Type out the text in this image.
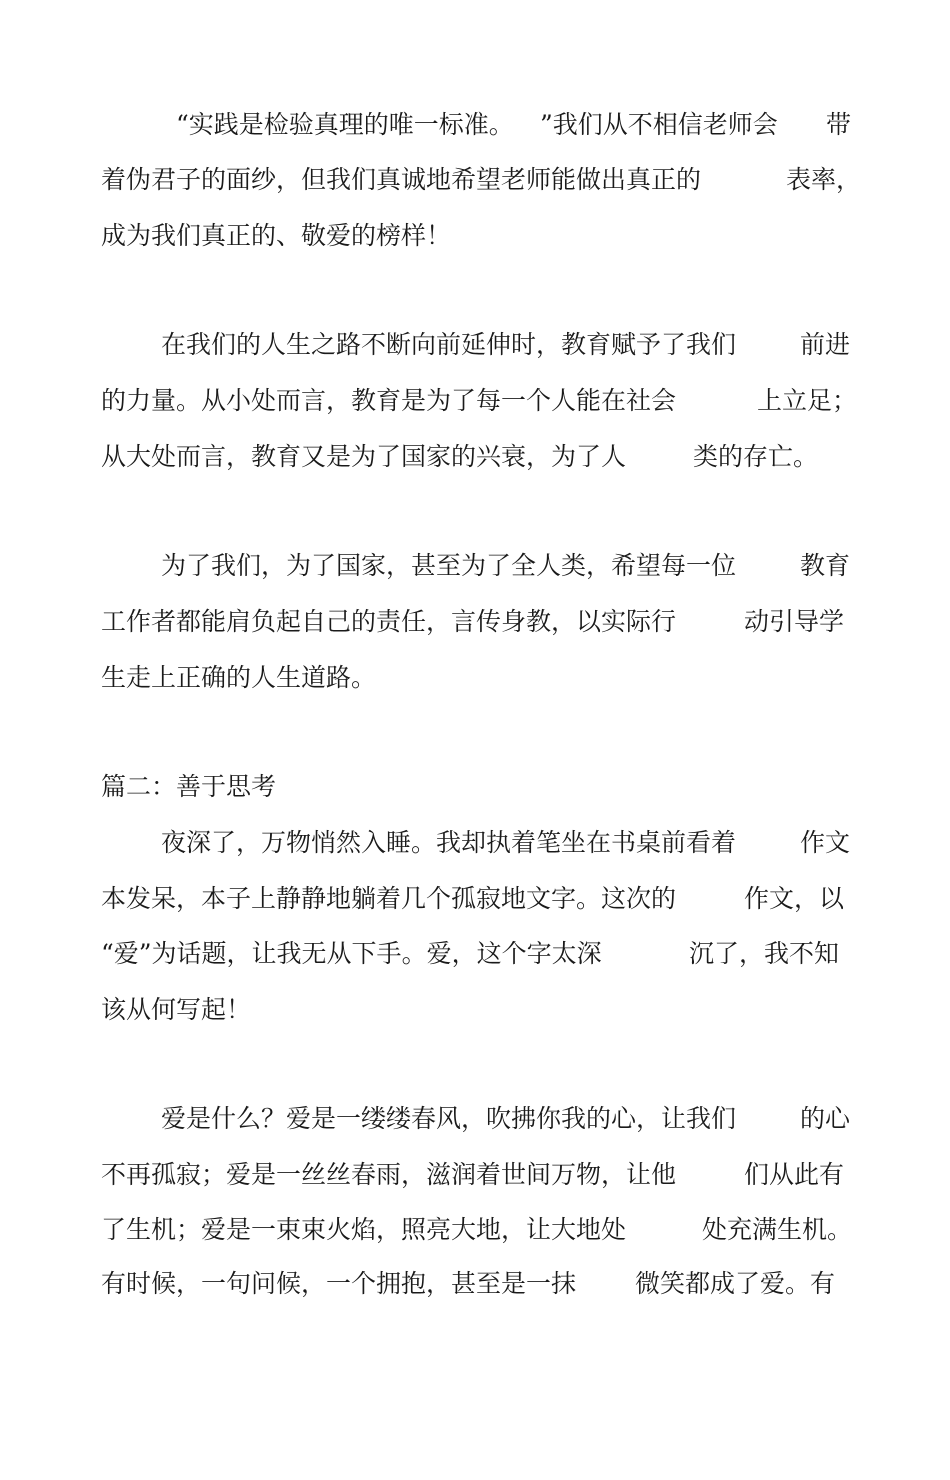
“实践是检验真理的唯一标准。

”我们从不相信老师会

带

着伪君子的面纱，但我们真诚地希望老师能做出真正的

	表率，

成为我们真正的、敬爱的榜样！

在我们的人生之路不断向前延伸时，教育赋予了我们

	前进

的力量。从小处而言，教育是为了每一个人能在社会

	上立足；

从大处而言，教育又是为了国家的兴衰，为了人

	类的存亡。

为了我们，为了国家，甚至为了全人类，希望每一位

	教育

工作者都能肩负起自己的责任，言传身教，以实际行

	动引导学

生走上正确的人生道路。

篇二：善于思考

夜深了，万物悄然入睡。我却执着笔坐在书桌前看着

	作文

本发呆，本子上静静地躺着几个孤寂地文字。这次的

	作文，以

“爱”为话题，让我无从下手。爱，这个字太深

	沉了，我不知

该从何写起！

爱是什么？爱是一缕缕春风，吹拂你我的心，让我们

	的心

不再孤寂；爱是一丝丝春雨，滋润着世间万物，让他

	们从此有

了生机；爱是一束束火焰，照亮大地，让大地处

	处充满生机。

有时候，一句问候，一个拥抱，甚至是一抹

微笑都成了爱。有
